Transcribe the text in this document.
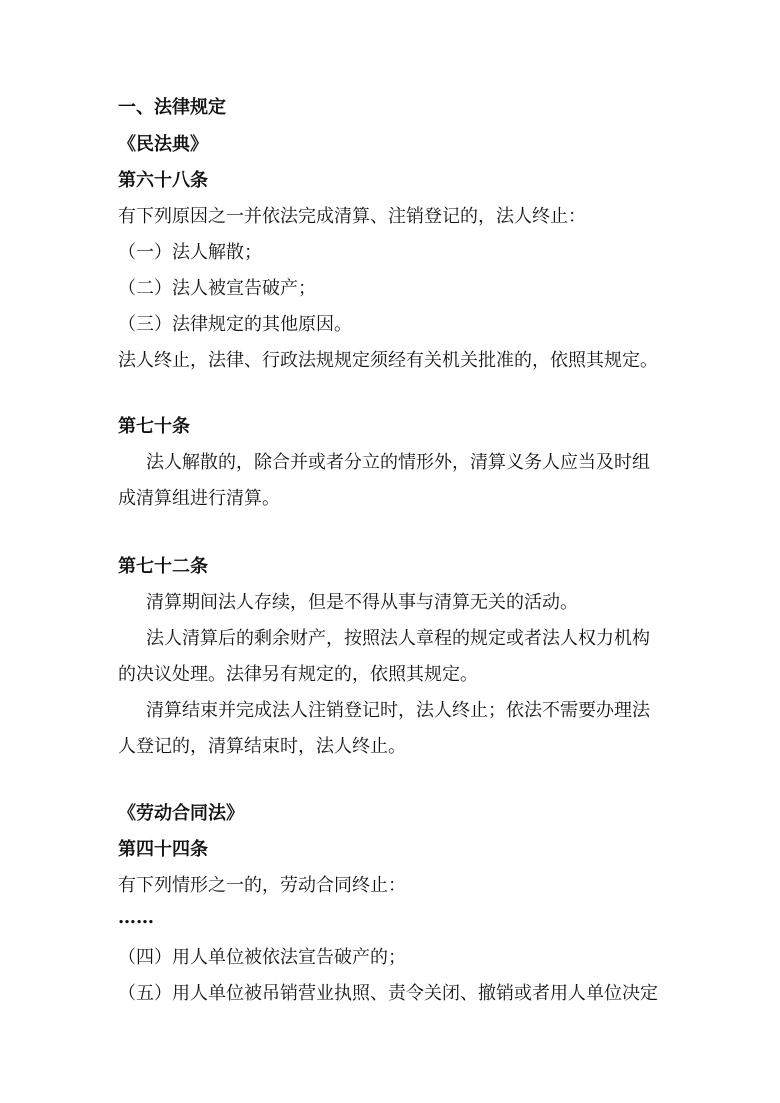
一、法律规定
《民法典》
第六十八条
有下列原因之一并依法完成清算、注销登记的，法人终止：
（一）法人解散；
（二）法人被宣告破产；
（三）法律规定的其他原因。
法人终止，法律、行政法规规定须经有关机关批准的，依照其规定。
第七十条
法人解散的，除合并或者分立的情形外，清算义务人应当及时组
成清算组进行清算。
第七十二条
清算期间法人存续，但是不得从事与清算无关的活动。
法人清算后的剩余财产，按照法人章程的规定或者法人权力机构
的决议处理。法律另有规定的，依照其规定。
清算结束并完成法人注销登记时，法人终止；依法不需要办理法
人登记的，清算结束时，法人终止。
《劳动合同法》
第四十四条
有下列情形之一的，劳动合同终止：
……
（四）用人单位被依法宣告破产的；
（五）用人单位被吊销营业执照、责令关闭、撤销或者用人单位决定
